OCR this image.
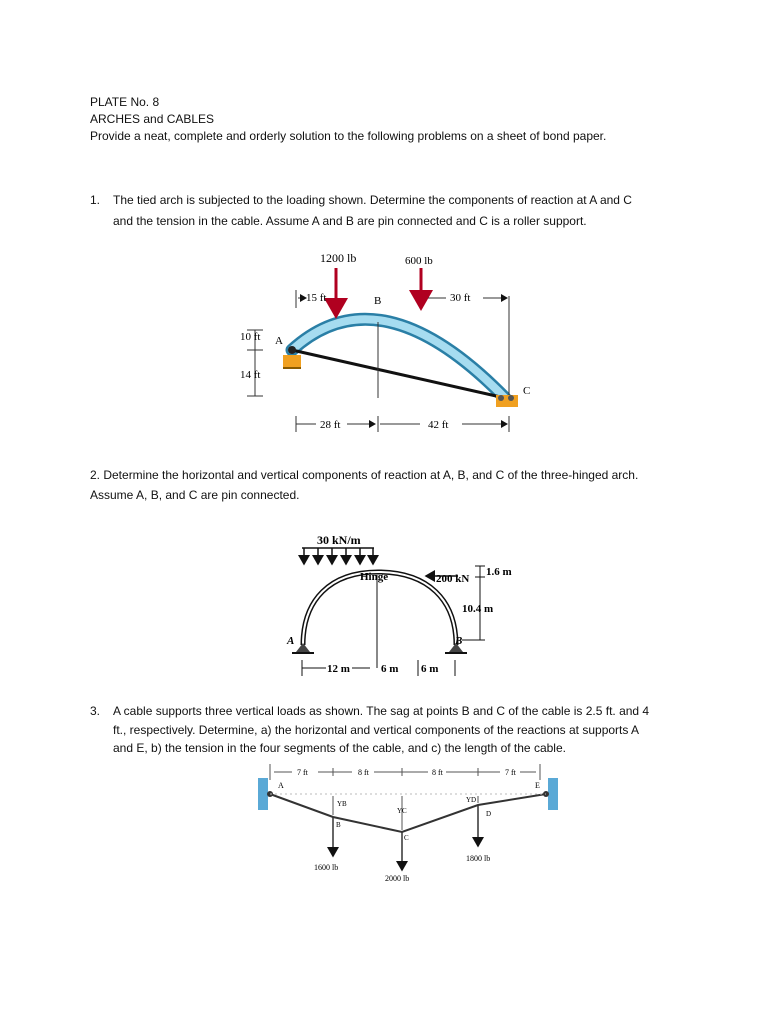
PLATE No. 8
ARCHES and CABLES
Provide a neat, complete and orderly solution to the following problems on a sheet of bond paper.
1. The tied arch is subjected to the loading shown. Determine the components of reaction at A and C
and the tension in the cable. Assume A and B are pin connected and C is a roller support.
1200 lb	600 lb
15 ft	B	30 ft
10 ft A
14 ft
C
28 ft	42 ft
2. Determine the horizontal and vertical components of reaction at A, B, and C of the three-hinged arch.
Assume A, B, and C are pin connected.
30 kN/m
Hinge	200 kN
1.6 m
10.4 m
A	B
12 m	6 m 6 m
3. A cable supports three vertical loads as shown. The sag at points B and C of the cable is 2.5 ft. and 4
ft., respectively. Determine, a) the horizontal and vertical components of the reactions at supports A
and E, b) the tension in the four segments of the cable, and c) the length of the cable.
7 ft	8 ft	8 ft	7 ft
A	E
YB
YC
YD
B
C
D
1600 lb
2000 lb
1800 lb
